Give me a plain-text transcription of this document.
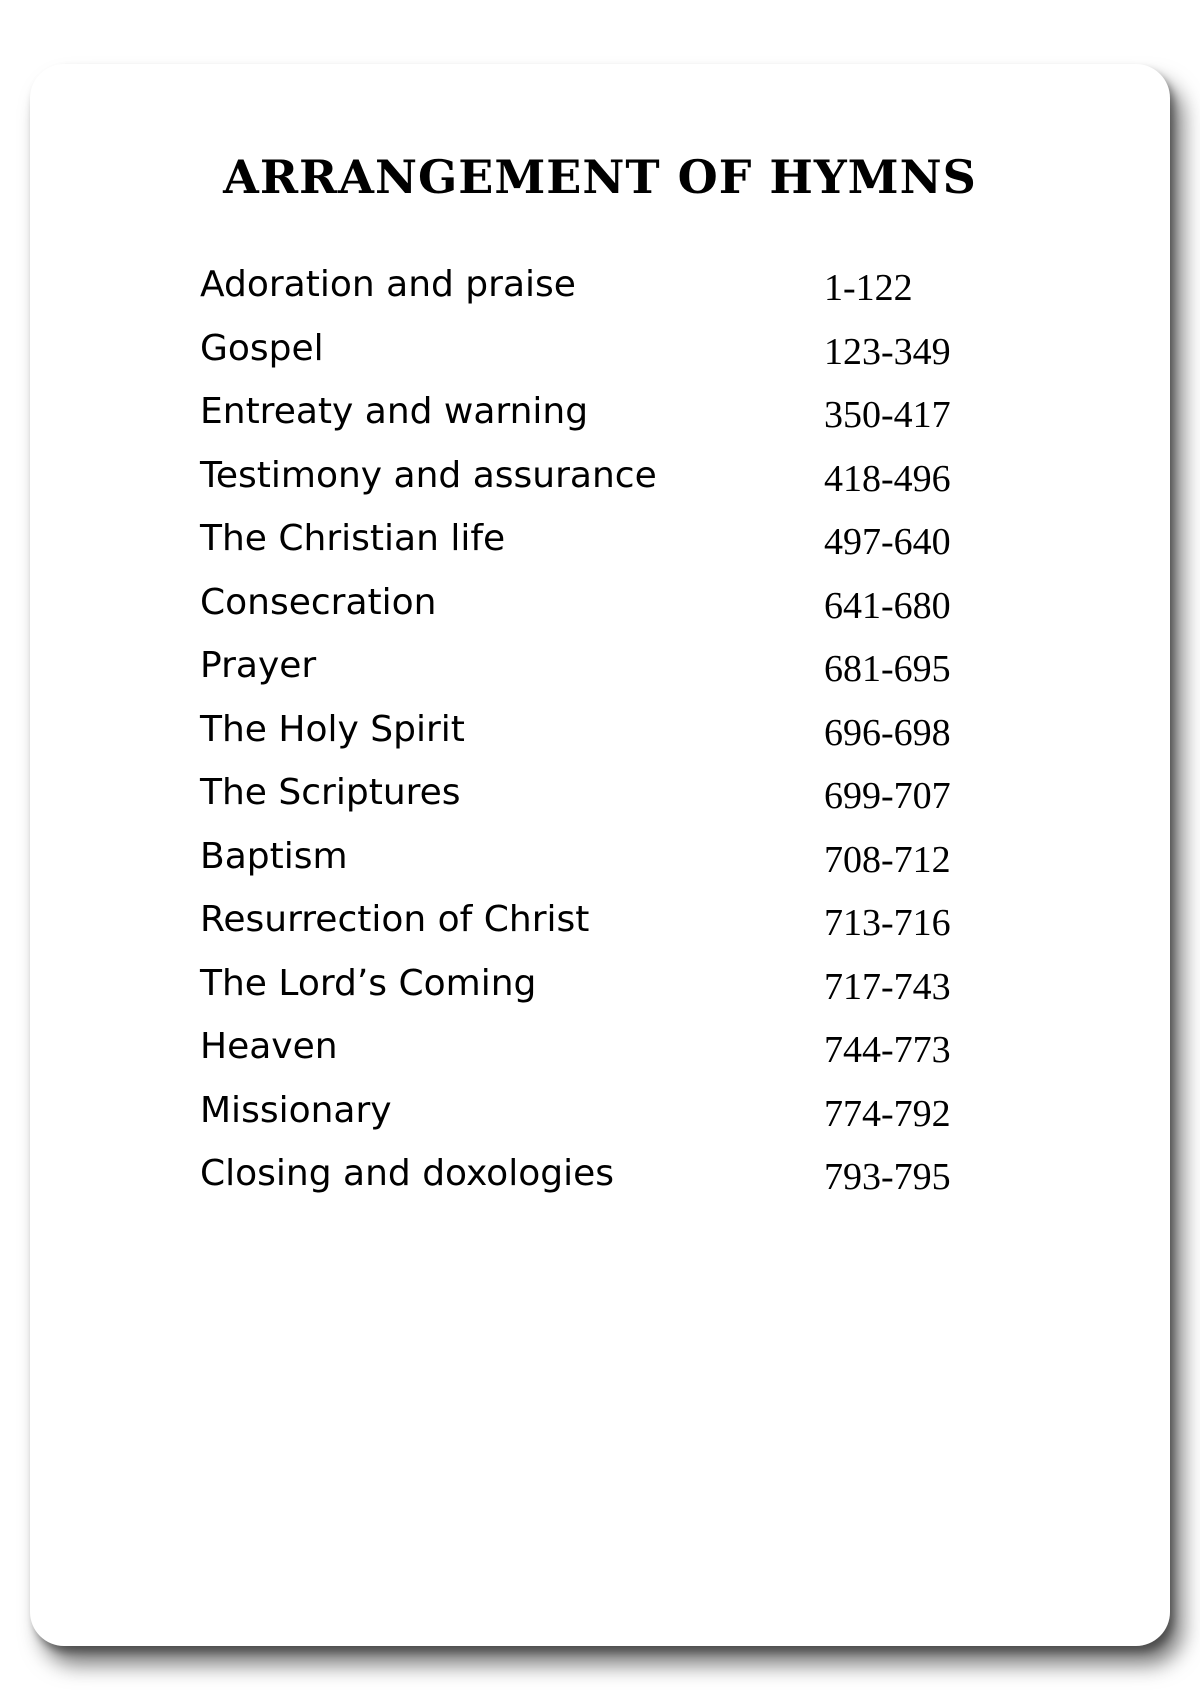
ARRANGEMENT OF HYMNS
Adoration and praise	1-122
Gospel	123-349
Entreaty and warning	350-417
Testimony and assurance	418-496
The Christian life	497-640
Consecration	641-680
Prayer	681-695
The Holy Spirit	696-698
The Scriptures	699-707
Baptism	708-712
Resurrection of Christ	713-716
The Lord’s Coming	717-743
Heaven	744-773
Missionary	774-792
Closing and doxologies	793-795
